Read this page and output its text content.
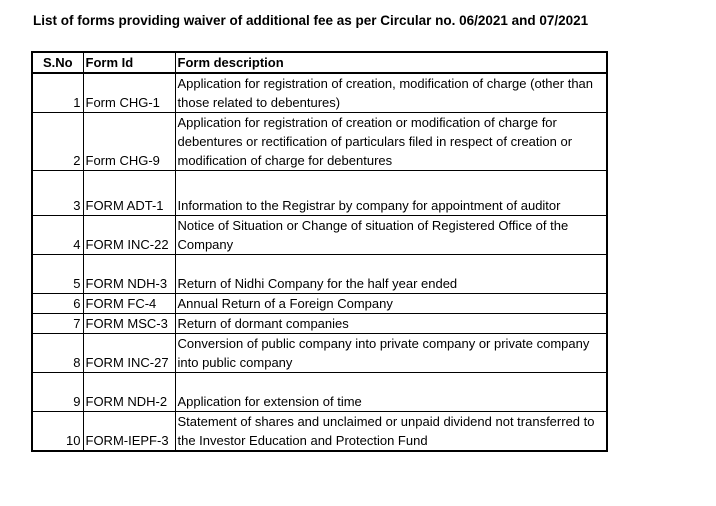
List of forms providing waiver of additional fee as per Circular no. 06/2021 and 07/2021
S.No	Form Id	Form description
1	Form CHG-1	Application for registration of creation, modification of charge (other than those related to debentures)
2	Form CHG-9	Application for registration of creation or modification of charge for debentures or rectification of particulars filed in respect of creation or modification of charge for debentures
3	FORM ADT-1	Information to the Registrar by company for appointment of auditor
4	FORM INC-22	Notice of Situation or Change of situation of Registered Office of the Company
5	FORM NDH-3	Return of Nidhi Company for the half year ended
6	FORM FC-4	Annual Return of a Foreign Company
7	FORM MSC-3	Return of dormant companies
8	FORM INC-27	Conversion of public company into private company or private company into public company
9	FORM NDH-2	Application for extension of time
10	FORM-IEPF-3	Statement of shares and unclaimed or unpaid dividend not transferred to the Investor Education and Protection Fund
